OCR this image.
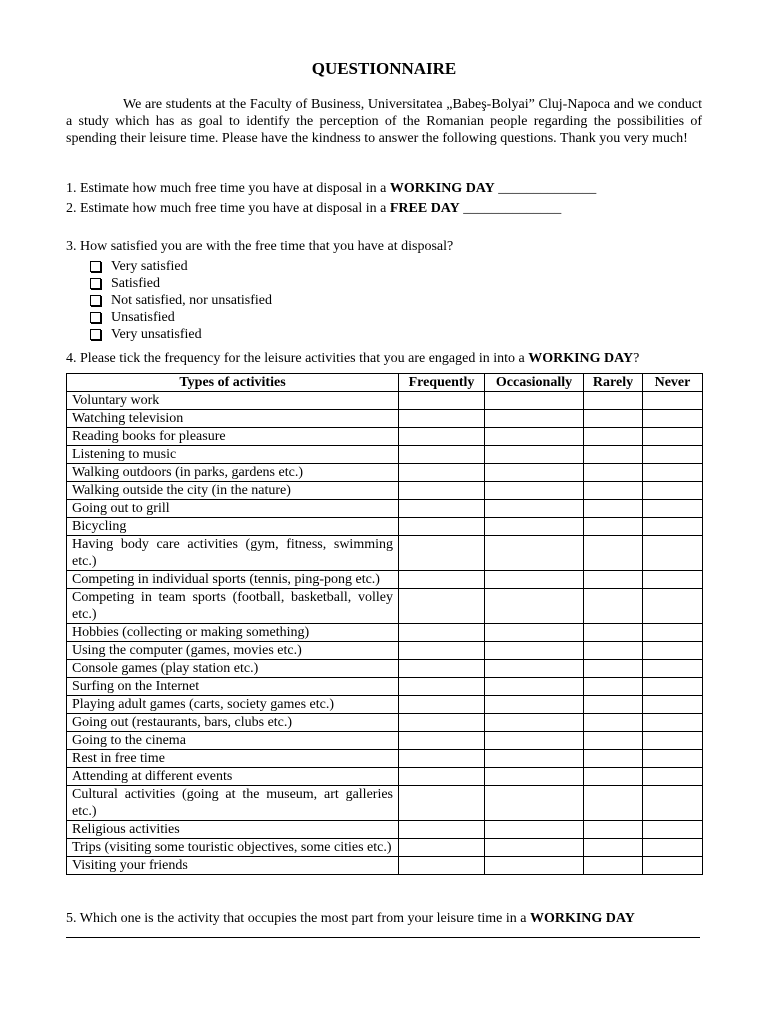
QUESTIONNAIRE

We are students at the Faculty of Business, Universitatea „Babeş-Bolyai” Cluj-Napoca and we conduct a study which has as goal to identify the perception of the Romanian people regarding the possibilities of spending their leisure time. Please have the kindness to answer the following questions. Thank you very much!

1. Estimate how much free time you have at disposal in a WORKING DAY ______________
2. Estimate how much free time you have at disposal in a FREE DAY ______________
3. How satisfied you are with the free time that you have at disposal?
Very satisfied
Satisfied
Not satisfied, nor unsatisfied
Unsatisfied
Very unsatisfied
4. Please tick the frequency for the leisure activities that you are engaged in into a WORKING DAY?
Types of activities	Frequently	Occasionally	Rarely	Never
Voluntary work				
Watching television				
Reading books for pleasure				
Listening to music				
Walking outdoors (in parks, gardens etc.)				
Walking outside the city (in the nature)				
Going out to grill				
Bicycling				
Having body care activities (gym, fitness, swimming etc.)				
Competing in individual sports (tennis, ping-pong etc.)				
Competing in team sports (football, basketball, volley etc.)				
Hobbies (collecting or making something)				
Using the computer (games, movies etc.)				
Console games (play station etc.)				
Surfing on the Internet				
Playing adult games (carts, society games etc.)				
Going out (restaurants, bars, clubs etc.)				
Going to the cinema				
Rest in free time				
Attending at different events				
Cultural activities (going at the museum, art galleries etc.)				
Religious activities				
Trips (visiting some touristic objectives, some cities etc.)				
Visiting your friends				
5. Which one is the activity that occupies the most part from your leisure time in a WORKING DAY
